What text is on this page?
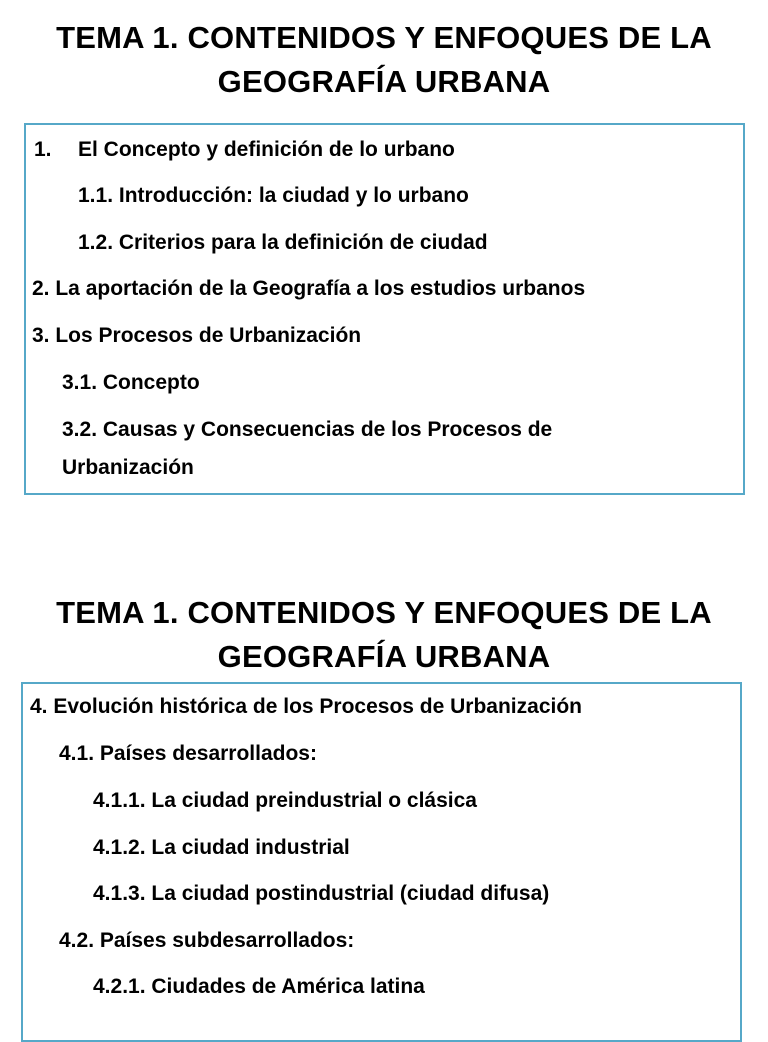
TEMA 1. CONTENIDOS Y ENFOQUES DE LA
GEOGRAFÍA URBANA
1. El Concepto y definición de lo urbano
1.1. Introducción: la ciudad y lo urbano
1.2. Criterios para la definición de ciudad
2. La aportación de la Geografía a los estudios urbanos
3. Los Procesos de Urbanización
3.1. Concepto
3.2. Causas y Consecuencias de los Procesos de Urbanización
TEMA 1. CONTENIDOS Y ENFOQUES DE LA
GEOGRAFÍA URBANA
4. Evolución histórica de los Procesos de Urbanización
4.1. Países desarrollados:
4.1.1. La ciudad preindustrial o clásica
4.1.2. La ciudad industrial
4.1.3. La ciudad postindustrial (ciudad difusa)
4.2. Países subdesarrollados:
4.2.1. Ciudades de América latina
